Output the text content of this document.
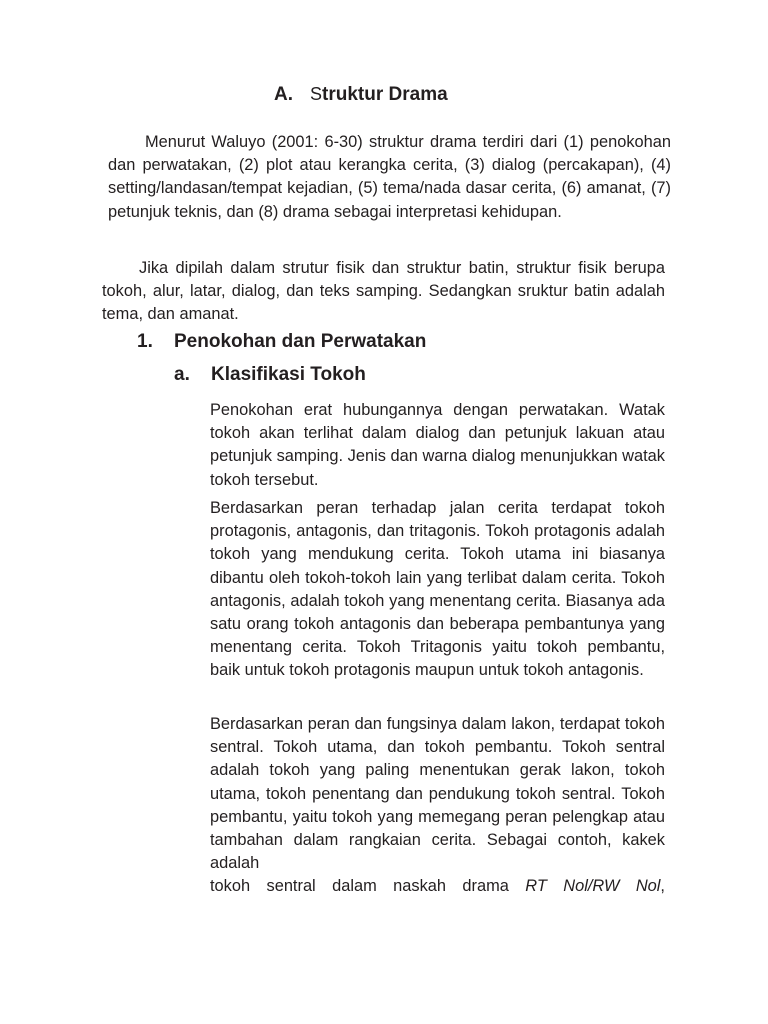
A. Struktur Drama

Menurut Waluyo (2001: 6-30) struktur drama terdiri dari (1) penokohan dan perwatakan, (2) plot atau kerangka cerita, (3) dialog (percakapan), (4) setting/landasan/tempat kejadian, (5) tema/nada dasar cerita, (6) amanat, (7) petunjuk teknis, dan (8) drama sebagai interpretasi kehidupan.

Jika dipilah dalam strutur fisik dan struktur batin, struktur fisik berupa tokoh, alur, latar, dialog, dan teks samping. Sedangkan sruktur batin adalah tema, dan amanat.

1. Penokohan dan Perwatakan
a. Klasifikasi Tokoh

Penokohan erat hubungannya dengan perwatakan. Watak tokoh akan terlihat dalam dialog dan petunjuk lakuan atau petunjuk samping. Jenis dan warna dialog menunjukkan watak tokoh tersebut.

Berdasarkan peran terhadap jalan cerita terdapat tokoh protagonis, antagonis, dan tritagonis. Tokoh protagonis adalah tokoh yang mendukung cerita. Tokoh utama ini biasanya dibantu oleh tokoh-tokoh lain yang terlibat dalam cerita. Tokoh antagonis, adalah tokoh yang menentang cerita. Biasanya ada satu orang tokoh antagonis dan beberapa pembantunya yang menentang cerita. Tokoh Tritagonis yaitu tokoh pembantu, baik untuk tokoh protagonis maupun untuk tokoh antagonis.

Berdasarkan peran dan fungsinya dalam lakon, terdapat tokoh sentral. Tokoh utama, dan tokoh pembantu. Tokoh sentral adalah tokoh yang paling menentukan gerak lakon, tokoh utama, tokoh penentang dan pendukung tokoh sentral. Tokoh pembantu, yaitu tokoh yang memegang peran pelengkap atau tambahan dalam rangkaian cerita. Sebagai contoh, kakek adalah

tokoh sentral dalam naskah drama RT Nol/RW Nol,
